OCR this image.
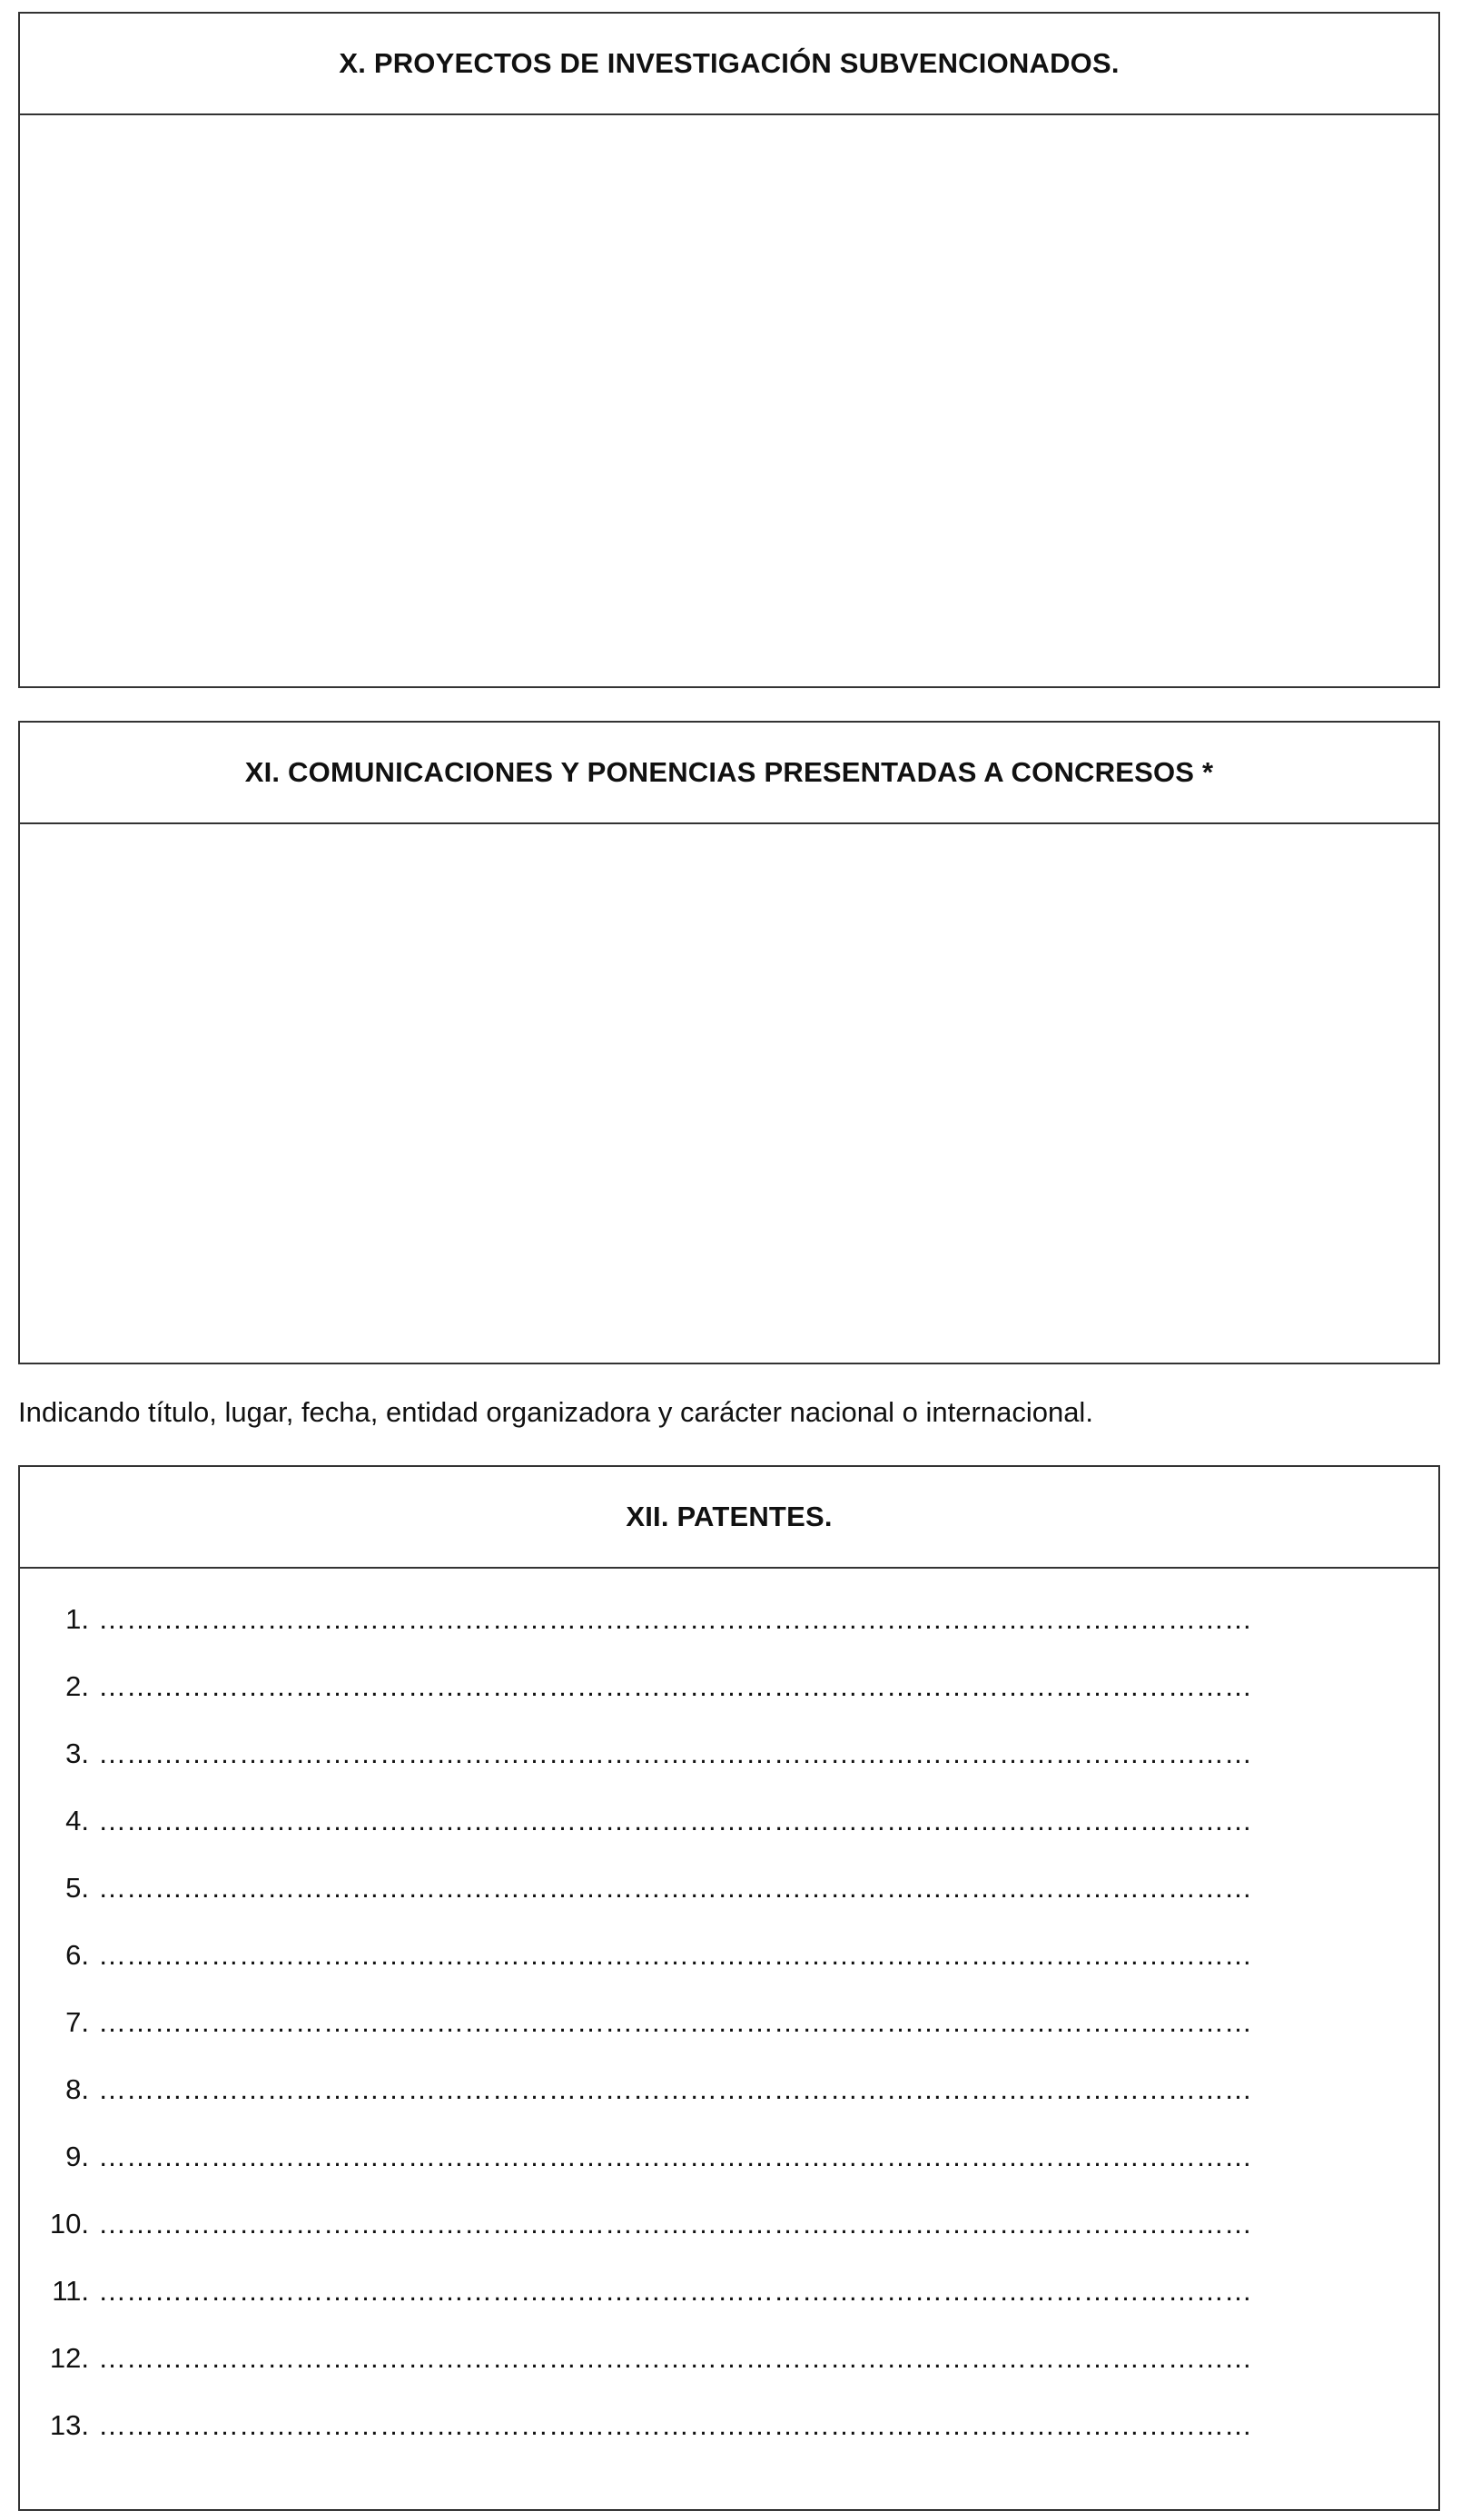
X. PROYECTOS DE INVESTIGACIÓN SUBVENCIONADOS.
XI. COMUNICACIONES Y PONENCIAS PRESENTADAS A CONCRESOS *
Indicando título, lugar, fecha, entidad organizadora y carácter nacional o internacional.
XII. PATENTES.
1. ……………………………………………………………………………………………………………
2. ……………………………………………………………………………………………………………
3. ……………………………………………………………………………………………………………
4. ……………………………………………………………………………………………………………
5. ……………………………………………………………………………………………………………
6. ……………………………………………………………………………………………………………
7. ……………………………………………………………………………………………………………
8. ……………………………………………………………………………………………………………
9. ……………………………………………………………………………………………………………
10. ……………………………………………………………………………………………………………
11. ……………………………………………………………………………………………………………
12. ……………………………………………………………………………………………………………
13. ……………………………………………………………………………………………………………
